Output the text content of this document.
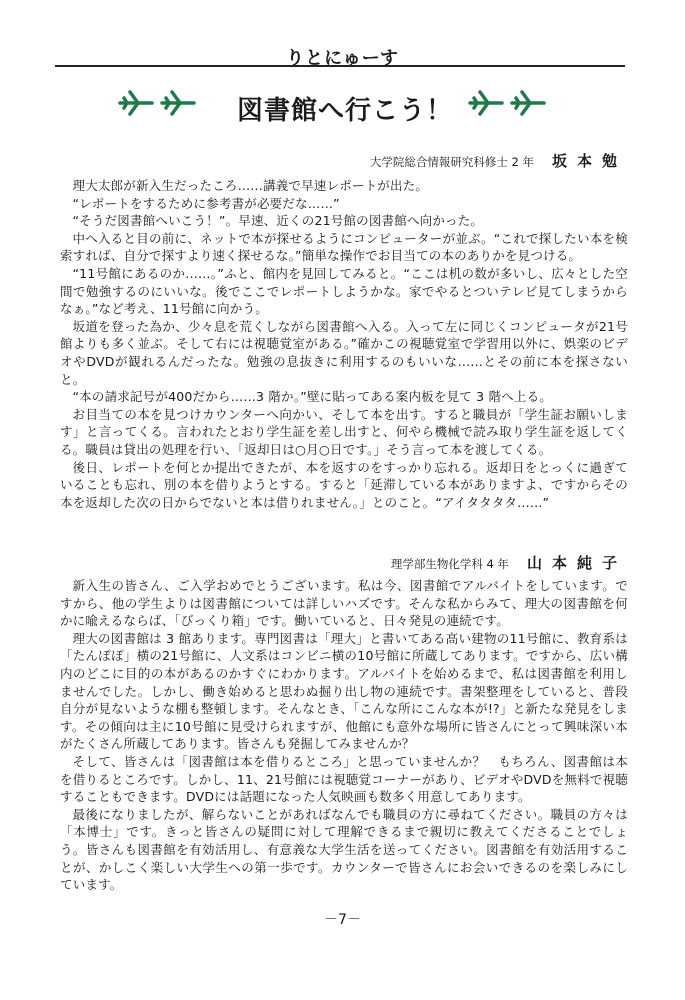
りとにゅーす
図書館へ行こう！
大学院総合情報研究科修士 2 年 坂本勉

理大太郎が新入生だったころ……講義で早速レポートが出た。

“レポートをするために参考書が必要だな……”

“そうだ図書館へいこう！”。早速、近くの21号館の図書館へ向かった。

中へ入ると目の前に、ネットで本が探せるようにコンピューターが並ぶ。“これで探したい本を検索すれば、自分で探すより速く探せるな。”簡単な操作でお目当ての本のありかを見つける。

“11号館にあるのか……。”ふと、館内を見回してみると。“ここは机の数が多いし、広々とした空間で勉強するのにいいな。後でここでレポートしようかな。家でやるとついテレビ見てしまうからなぁ。”など考え、11号館に向かう。

坂道を登った為か、少々息を荒くしながら図書館へ入る。入って左に同じくコンピュータが21号館よりも多く並ぶ。そして右には視聴覚室がある。”確かこの視聴覚室で学習用以外に、娯楽のビデオやDVDが観れるんだったな。勉強の息抜きに利用するのもいいな……とその前に本を探さないと。

“本の請求記号が400だから……3 階か。”壁に貼ってある案内板を見て 3 階へ上る。

お目当ての本を見つけカウンターへ向かい、そして本を出す。すると職員が「学生証お願いします」と言ってくる。言われたとおり学生証を差し出すと、何やら機械で読み取り学生証を返してくる。職員は貸出の処理を行い、「返却日は○月○日です。」そう言って本を渡してくる。

後日、レポートを何とか提出できたが、本を返すのをすっかり忘れる。返却日をとっくに過ぎていることも忘れ、別の本を借りようとする。すると「延滞している本がありますよ、ですからその本を返却した次の日からでないと本は借りれません。」とのこと。“アイタタタタ……”

理学部生物化学科 4 年 山本純子

新入生の皆さん、ご入学おめでとうございます。私は今、図書館でアルバイトをしています。ですから、他の学生よりは図書館については詳しいハズです。そんな私からみて、理大の図書館を何かに喩えるならば、「びっくり箱」です。働いていると、日々発見の連続です。

理大の図書館は 3 館あります。専門図書は「理大」と書いてある高い建物の11号館に、教育系は「たんぽぽ」横の21号館に、人文系はコンビニ横の10号館に所蔵してあります。ですから、広い構内のどこに目的の本があるのかすぐにわかります。アルバイトを始めるまで、私は図書館を利用しませんでした。しかし、働き始めると思わぬ掘り出し物の連続です。書架整理をしていると、普段自分が見ないような棚も整頓します。そんなとき、「こんな所にこんな本が!?」と新たな発見をします。その傾向は主に10号館に見受けられますが、他館にも意外な場所に皆さんにとって興味深い本がたくさん所蔵してあります。皆さんも発掘してみませんか？

そして、皆さんは「図書館は本を借りるところ」と思っていませんか？　もちろん、図書館は本を借りるところです。しかし、11、21号館には視聴覚コーナーがあり、ビデオやDVDを無料で視聴することもできます。DVDには話題になった人気映画も数多く用意してあります。

最後になりましたが、解らないことがあればなんでも職員の方に尋ねてください。職員の方々は「本博士」です。きっと皆さんの疑問に対して理解できるまで親切に教えてくださることでしょう。皆さんも図書館を有効活用し、有意義な大学生活を送ってください。図書館を有効活用することが、かしこく楽しい大学生への第一歩です。カウンターで皆さんにお会いできるのを楽しみにしています。

－7－
